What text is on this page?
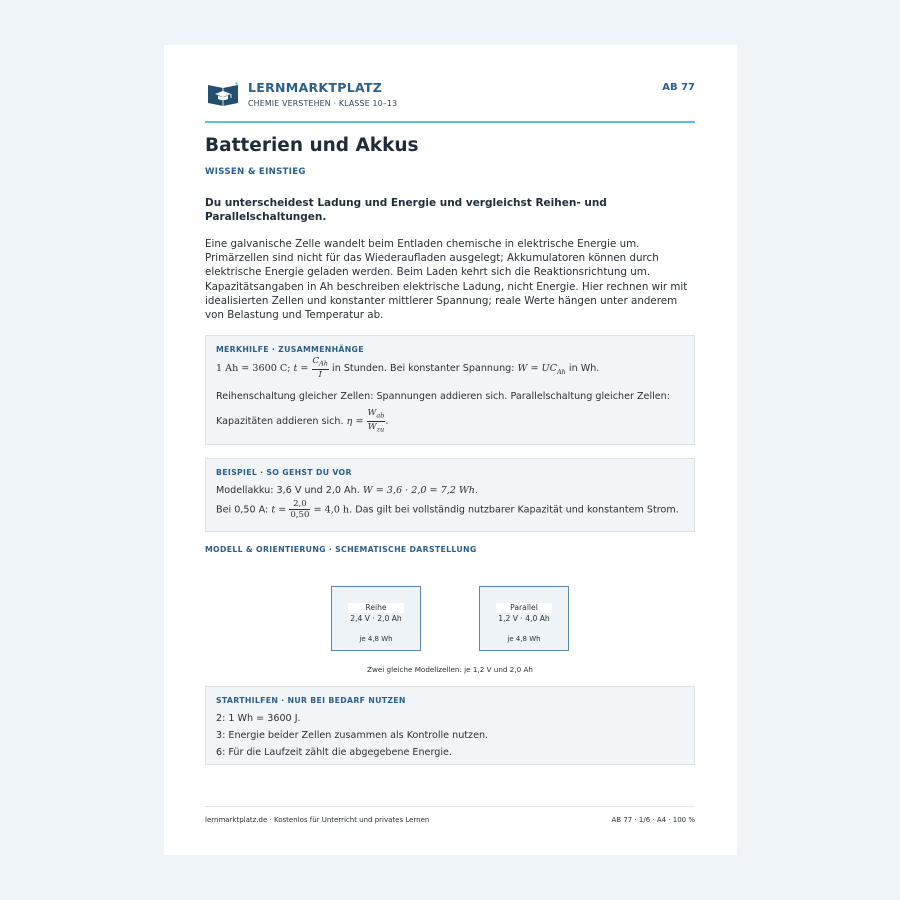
LERNMARKTPLATZ
CHEMIE VERSTEHEN · KLASSE 10–13
AB 77
Batterien und Akkus
WISSEN & EINSTIEG
Du unterscheidest Ladung und Energie und vergleichst Reihen- und Parallelschaltungen.
Eine galvanische Zelle wandelt beim Entladen chemische in elektrische Energie um. Primärzellen sind nicht für das Wiederaufladen ausgelegt; Akkumulatoren können durch elektrische Energie geladen werden. Beim Laden kehrt sich die Reaktionsrichtung um. Kapazitätsangaben in Ah beschreiben elektrische Ladung, nicht Energie. Hier rechnen wir mit idealisierten Zellen und konstanter mittlerer Spannung; reale Werte hängen unter anderem von Belastung und Temperatur ab.
MERKHILFE · ZUSAMMENHÄNGE
1 Ah = 3600 C; $t = \frac{C_{Ah}}{I}$ in Stunden. Bei konstanter Spannung: $W = UC_{Ah}$ in Wh.
Reihenschaltung gleicher Zellen: Spannungen addieren sich. Parallelschaltung gleicher Zellen:
Kapazitäten addieren sich. $\eta = \frac{W_{ab}}{W_{zu}}$ .
BEISPIEL · SO GEHST DU VOR
Modellakku: 3,6 V und 2,0 Ah. W = 3,6 · 2,0 = 7,2 Wh.
Bei 0,50 A: $t = \frac{2,0}{0,50} = 4,0$ h. Das gilt bei vollständig nutzbarer Kapazität und konstantem Strom.
MODELL & ORIENTIERUNG · SCHEMATISCHE DARSTELLUNG
Reihe
2,4 V · 2,0 Ah
je 4,8 Wh
Parallel
1,2 V · 4,0 Ah
je 4,8 Wh
Zwei gleiche Modellzellen: je 1,2 V und 2,0 Ah
STARTHILFEN · NUR BEI BEDARF NUTZEN
2: 1 Wh = 3600 J.
3: Energie beider Zellen zusammen als Kontrolle nutzen.
6: Für die Laufzeit zählt die abgegebene Energie.
lernmarktplatz.de · Kostenlos für Unterricht und privates Lernen	AB 77 · 1/6 · A4 · 100 %
